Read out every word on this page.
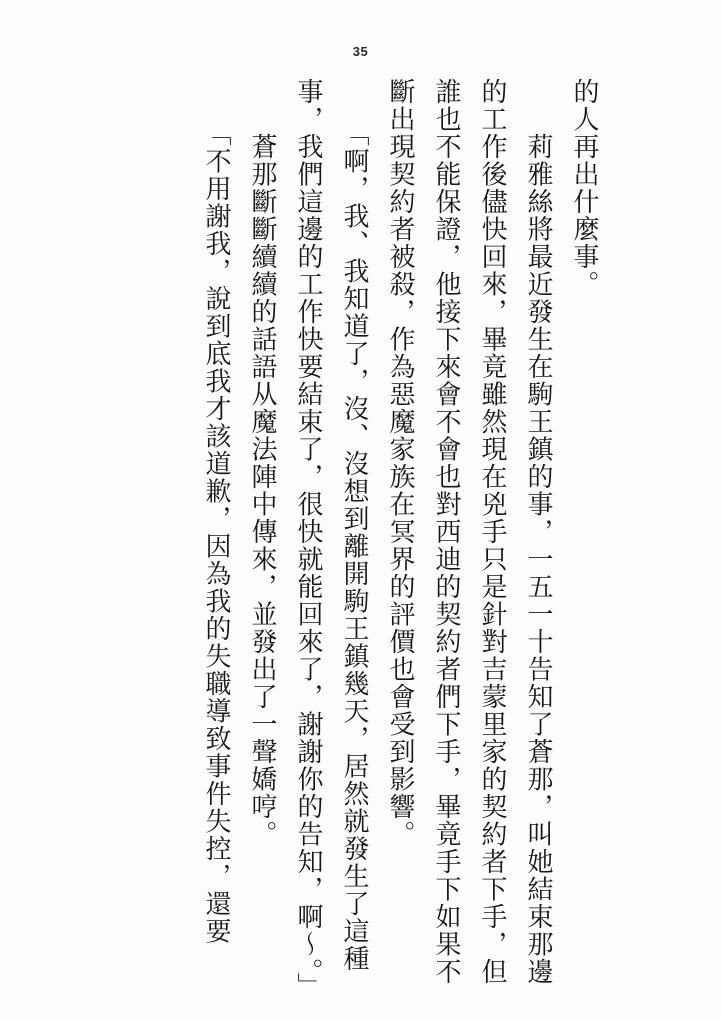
35

的人再出什麼事。

　　莉雅絲將最近發生在駒王鎮的事，一五一十告知了蒼那，叫她結束那邊的工作後儘快回來，畢竟雖然現在兇手只是針對吉蒙里家的契約者下手，但誰也不能保證，他接下來會不會也對西迪的契約者們下手，畢竟手下如果不斷出現契約者被殺，作為惡魔家族在冥界的評價也會受到影響。

　　「啊，我、我知道了，沒、沒想到離開駒王鎮幾天，居然就發生了這種事，我們這邊的工作快要結束了，很快就能回來了，謝謝你的告知，啊～。」

　　蒼那斷斷續續的話語从魔法陣中傳來，並發出了一聲嬌哼。

　　「不用謝我，說到底我才該道歉，因為我的失職導致事件失控，還要
